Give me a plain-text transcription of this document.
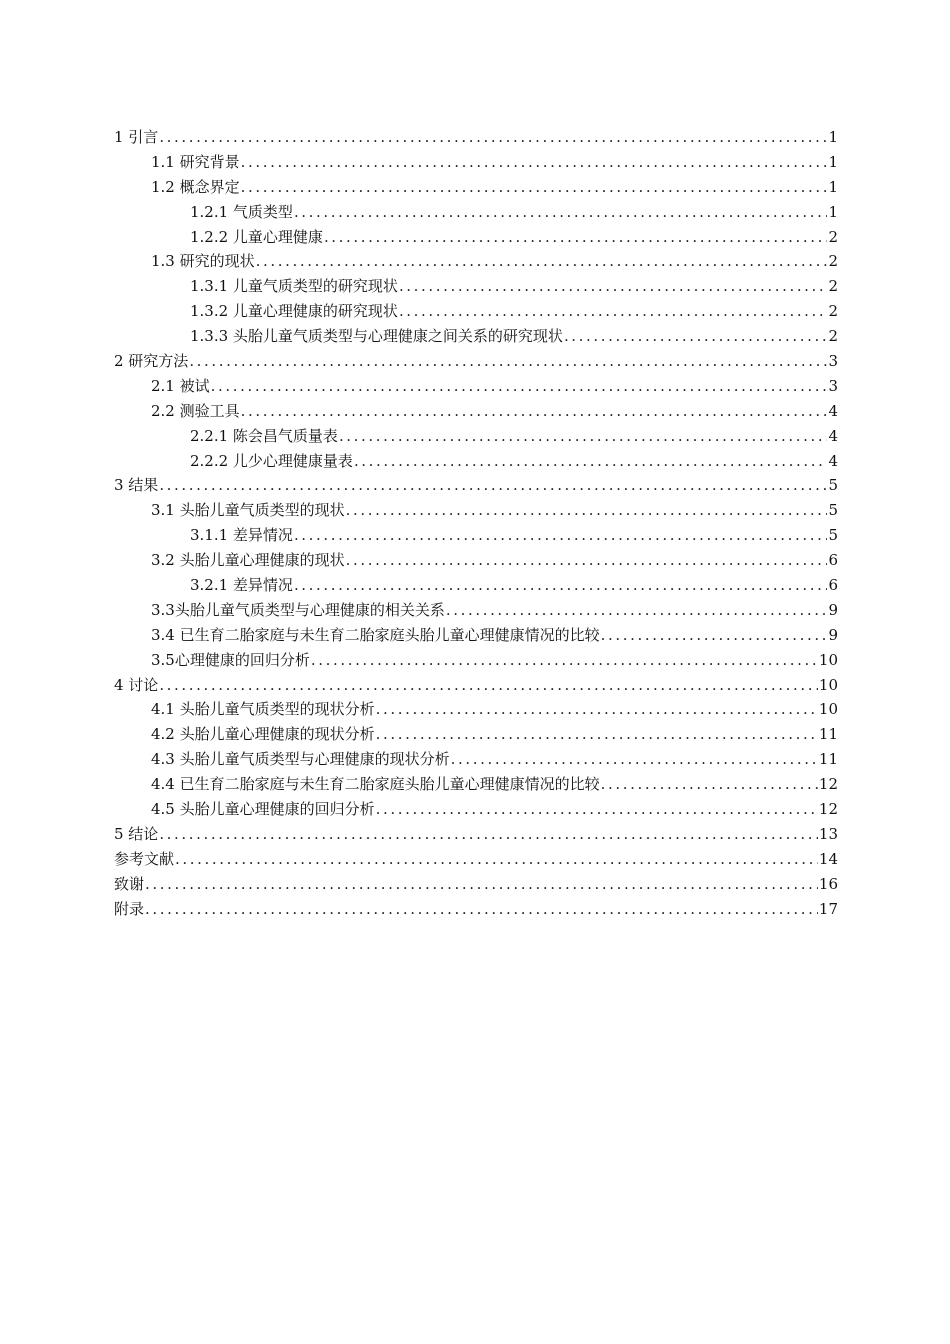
1 引言 .....	1
1.1 研究背景 .....	1
1.2 概念界定 .....	1
1.2.1 气质类型 .....	1
1.2.2 儿童心理健康 .....	2
1.3 研究的现状 .....	2
1.3.1 儿童气质类型的研究现状 .....	2
1.3.2 儿童心理健康的研究现状 .....	2
1.3.3 头胎儿童气质类型与心理健康之间关系的研究现状 .....	2
2 研究方法 .....	3
2.1 被试 .....	3
2.2 测验工具 .....	4
2.2.1 陈会昌气质量表 .....	4
2.2.2 儿少心理健康量表 .....	4
3 结果 .....	5
3.1 头胎儿童气质类型的现状 .....	5
3.1.1 差异情况 .....	5
3.2 头胎儿童心理健康的现状 .....	6
3.2.1 差异情况 .....	6
3.3头胎儿童气质类型与心理健康的相关关系 .....	9
3.4 已生育二胎家庭与未生育二胎家庭头胎儿童心理健康情况的比较 .....	9
3.5心理健康的回归分析 .....	10
4 讨论 .....	10
4.1 头胎儿童气质类型的现状分析 .....	10
4.2 头胎儿童心理健康的现状分析 .....	11
4.3 头胎儿童气质类型与心理健康的现状分析 .....	11
4.4 已生育二胎家庭与未生育二胎家庭头胎儿童心理健康情况的比较 .....	12
4.5 头胎儿童心理健康的回归分析 .....	12
5 结论 .....	13
参考文献 .....	14
致谢 .....	16
附录 .....	17
